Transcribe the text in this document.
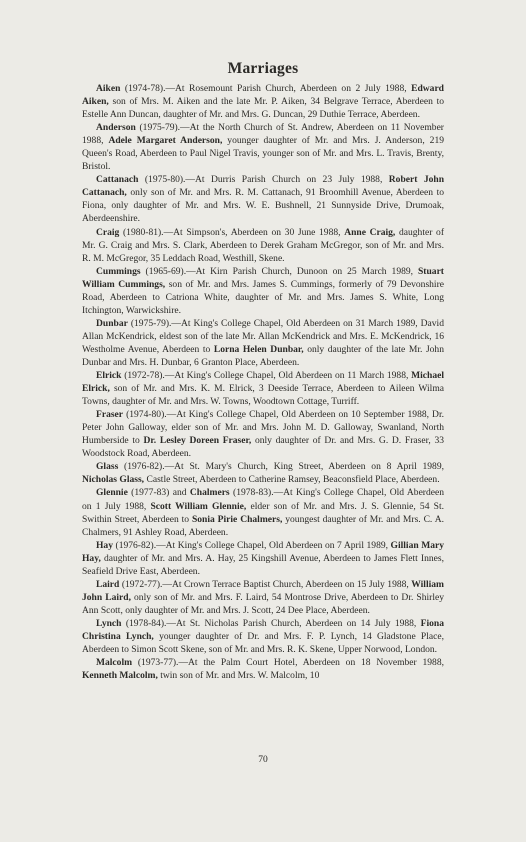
Marriages

Aiken (1974-78).—At Rosemount Parish Church, Aberdeen on 2 July 1988, Edward Aiken, son of Mrs. M. Aiken and the late Mr. P. Aiken, 34 Belgrave Terrace, Aberdeen to Estelle Ann Duncan, daughter of Mr. and Mrs. G. Duncan, 29 Duthie Terrace, Aberdeen.

Anderson (1975-79).—At the North Church of St. Andrew, Aberdeen on 11 November 1988, Adele Margaret Anderson, younger daughter of Mr. and Mrs. J. Anderson, 219 Queen's Road, Aberdeen to Paul Nigel Travis, younger son of Mr. and Mrs. L. Travis, Brenty, Bristol.

Cattanach (1975-80).—At Durris Parish Church on 23 July 1988, Robert John Cattanach, only son of Mr. and Mrs. R. M. Cattanach, 91 Broomhill Avenue, Aberdeen to Fiona, only daughter of Mr. and Mrs. W. E. Bushnell, 21 Sunnyside Drive, Drumoak, Aberdeenshire.

Craig (1980-81).—At Simpson's, Aberdeen on 30 June 1988, Anne Craig, daughter of Mr. G. Craig and Mrs. S. Clark, Aberdeen to Derek Graham McGregor, son of Mr. and Mrs. R. M. McGregor, 35 Leddach Road, Westhill, Skene.

Cummings (1965-69).—At Kirn Parish Church, Dunoon on 25 March 1989, Stuart William Cummings, son of Mr. and Mrs. James S. Cummings, formerly of 79 Devonshire Road, Aberdeen to Catriona White, daughter of Mr. and Mrs. James S. White, Long Itchington, Warwickshire.

Dunbar (1975-79).—At King's College Chapel, Old Aberdeen on 31 March 1989, David Allan McKendrick, eldest son of the late Mr. Allan McKendrick and Mrs. E. McKendrick, 16 Westholme Avenue, Aberdeen to Lorna Helen Dunbar, only daughter of the late Mr. John Dunbar and Mrs. H. Dunbar, 6 Granton Place, Aberdeen.

Elrick (1972-78).—At King's College Chapel, Old Aberdeen on 11 March 1988, Michael Elrick, son of Mr. and Mrs. K. M. Elrick, 3 Deeside Terrace, Aberdeen to Aileen Wilma Towns, daughter of Mr. and Mrs. W. Towns, Woodtown Cottage, Turriff.

Fraser (1974-80).—At King's College Chapel, Old Aberdeen on 10 September 1988, Dr. Peter John Galloway, elder son of Mr. and Mrs. John M. D. Galloway, Swanland, North Humberside to Dr. Lesley Doreen Fraser, only daughter of Dr. and Mrs. G. D. Fraser, 33 Woodstock Road, Aberdeen.

Glass (1976-82).—At St. Mary's Church, King Street, Aberdeen on 8 April 1989, Nicholas Glass, Castle Street, Aberdeen to Catherine Ramsey, Beaconsfield Place, Aberdeen.

Glennie (1977-83) and Chalmers (1978-83).—At King's College Chapel, Old Aberdeen on 1 July 1988, Scott William Glennie, elder son of Mr. and Mrs. J. S. Glennie, 54 St. Swithin Street, Aberdeen to Sonia Pirie Chalmers, youngest daughter of Mr. and Mrs. C. A. Chalmers, 91 Ashley Road, Aberdeen.

Hay (1976-82).—At King's College Chapel, Old Aberdeen on 7 April 1989, Gillian Mary Hay, daughter of Mr. and Mrs. A. Hay, 25 Kingshill Avenue, Aberdeen to James Flett Innes, Seafield Drive East, Aberdeen.

Laird (1972-77).—At Crown Terrace Baptist Church, Aberdeen on 15 July 1988, William John Laird, only son of Mr. and Mrs. F. Laird, 54 Montrose Drive, Aberdeen to Dr. Shirley Ann Scott, only daughter of Mr. and Mrs. J. Scott, 24 Dee Place, Aberdeen.

Lynch (1978-84).—At St. Nicholas Parish Church, Aberdeen on 14 July 1988, Fiona Christina Lynch, younger daughter of Dr. and Mrs. F. P. Lynch, 14 Gladstone Place, Aberdeen to Simon Scott Skene, son of Mr. and Mrs. R. K. Skene, Upper Norwood, London.

Malcolm (1973-77).—At the Palm Court Hotel, Aberdeen on 18 November 1988, Kenneth Malcolm, twin son of Mr. and Mrs. W. Malcolm, 10

70
